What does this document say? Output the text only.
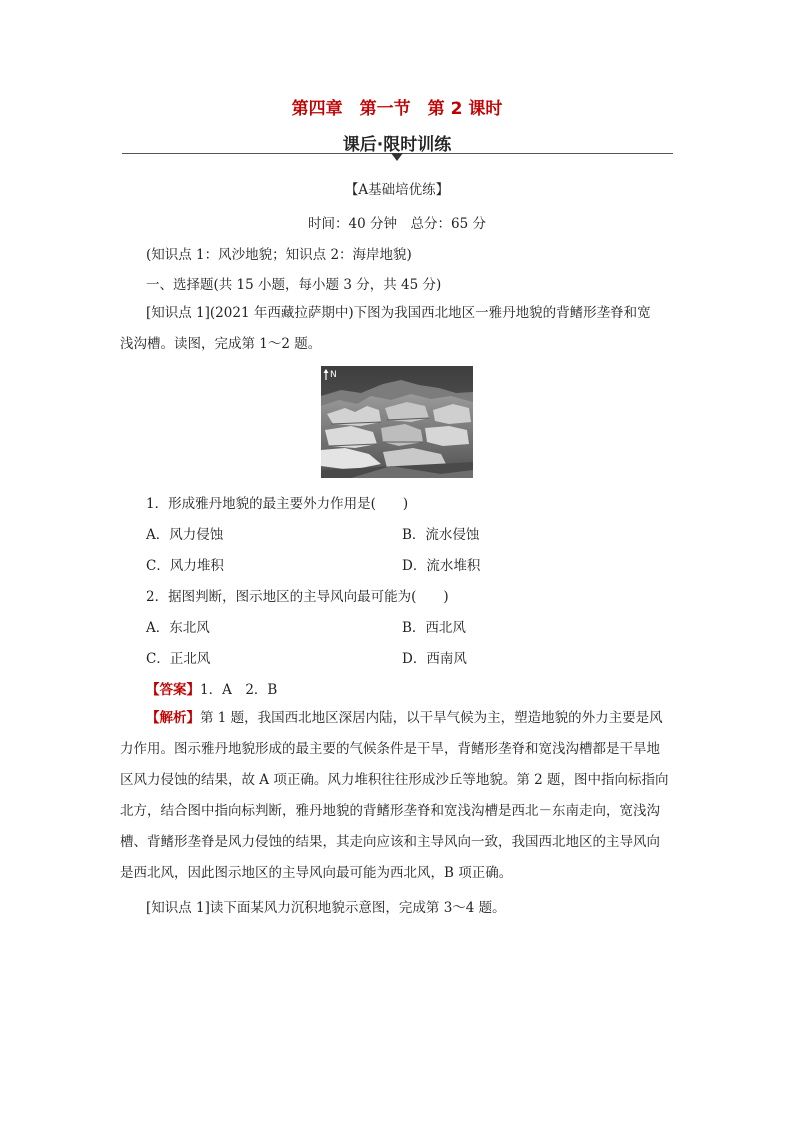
第四章　第一节　第 2 课时
课后·限时训练
【A基础培优练】
时间：40 分钟　总分：65 分
(知识点 1：风沙地貌；知识点 2：海岸地貌)
一、选择题(共 15 小题，每小题 3 分，共 45 分)
[知识点 1](2021 年西藏拉萨期中)下图为我国西北地区一雅丹地貌的背鳍形垄脊和宽
浅沟槽。读图，完成第 1～2 题。
N
1．形成雅丹地貌的最主要外力作用是(　　)
A．风力侵蚀	B．流水侵蚀
C．风力堆积	D．流水堆积
2．据图判断，图示地区的主导风向最可能为(　　)
A．东北风	B．西北风
C．正北风	D．西南风
【答案】1．A　2．B
【解析】第 1 题，我国西北地区深居内陆，以干旱气候为主，塑造地貌的外力主要是风
力作用。图示雅丹地貌形成的最主要的气候条件是干旱，背鳍形垄脊和宽浅沟槽都是干旱地
区风力侵蚀的结果，故 A 项正确。风力堆积往往形成沙丘等地貌。第 2 题，图中指向标指向
北方，结合图中指向标判断，雅丹地貌的背鳍形垄脊和宽浅沟槽是西北－东南走向，宽浅沟
槽、背鳍形垄脊是风力侵蚀的结果，其走向应该和主导风向一致，我国西北地区的主导风向
是西北风，因此图示地区的主导风向最可能为西北风，B 项正确。
[知识点 1]读下面某风力沉积地貌示意图，完成第 3～4 题。
